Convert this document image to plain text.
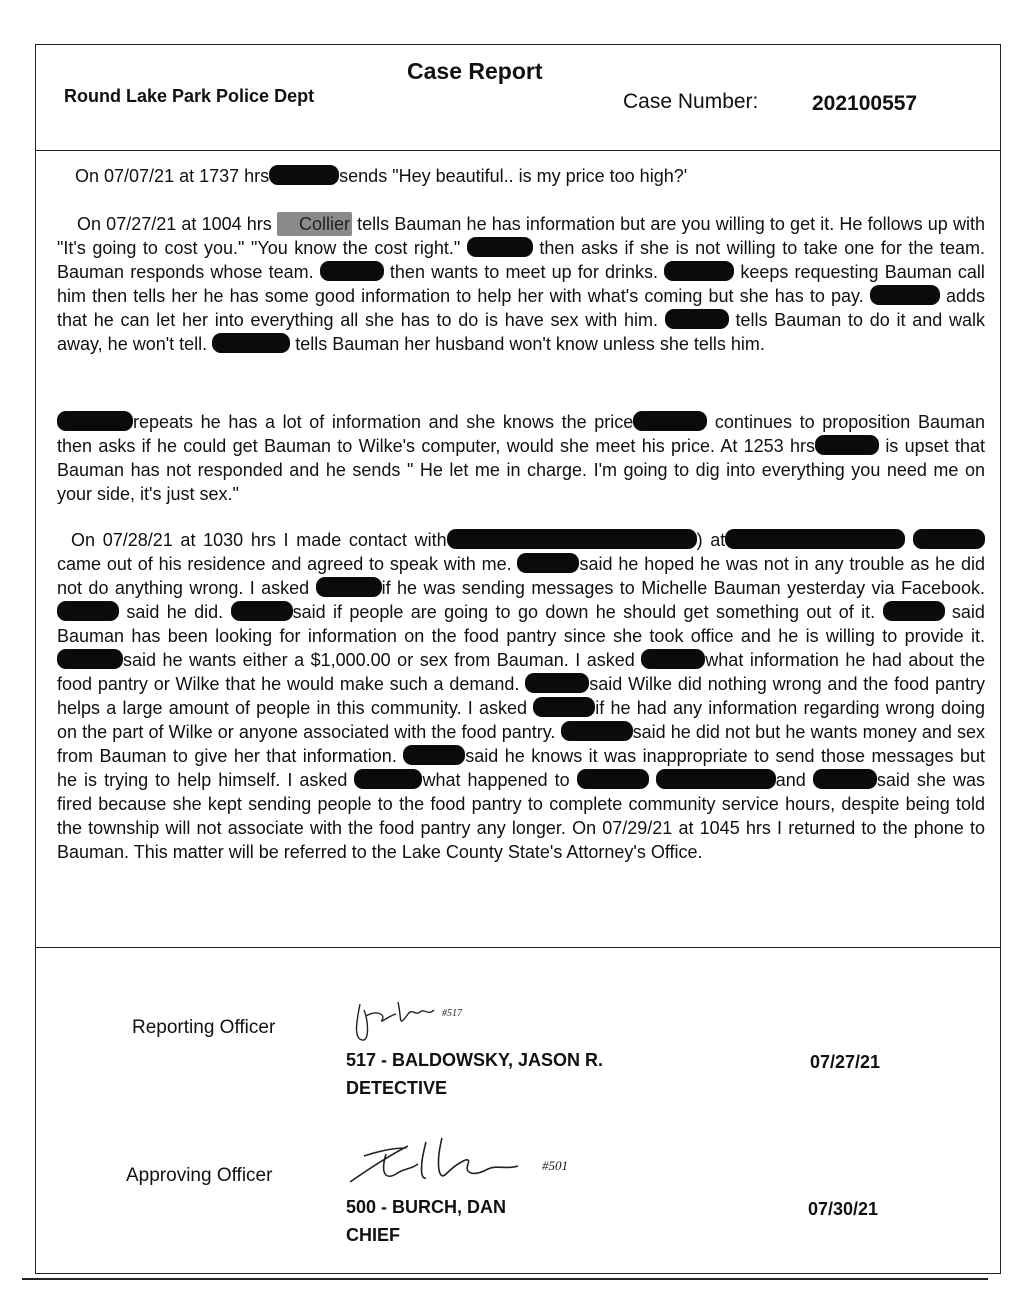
Case Report
Round Lake Park Police Dept	Case Number:	202100557

On 07/07/21 at 1737 hrs	sends "Hey beautiful.. is my price too high?'

On 07/27/21 at 1004 hrs Collier tells Bauman he has information but are you willing to get it. He follows up with "It's going to cost you." "You know the cost right."	then asks if she is not willing to take one for the team. Bauman responds whose team.	then wants to meet up for drinks.	keeps requesting Bauman call him then tells her he has some good information to help her with what's coming but she has to pay.	adds that he can let her into everything all she has to do is have sex with him.	tells Bauman to do it and walk away, he won't tell.	tells Bauman her husband won't know unless she tells him.

repeats he has a lot of information and she knows the price	continues to proposition Bauman then asks if he could get Bauman to Wilke's computer, would she meet his price. At 1253 hrs	is upset that Bauman has not responded and he sends " He let me in charge. I'm going to dig into everything you need me on your side, it's just sex."

On 07/28/21 at 1030 hrs I made contact with	) at came out of his residence and agreed to speak with me.	said he hoped he was not in any trouble as he did not do anything wrong. I asked	if he was sending messages to Michelle Bauman yesterday via Facebook.  said he did.	said if people are going to go down he should get something out of it.	said Bauman has been looking for information on the food pantry since she took office and he is willing to provide it. said he wants either a $1,000.00 or sex from Bauman. I asked	what information he had about the food pantry or Wilke that he would make such a demand.	said Wilke did nothing wrong and the food pantry helps a large amount of people in this community. I asked	if he had any information regarding wrong doing on the part of Wilke or anyone associated with the food pantry.	said he did not but he wants money and sex from Bauman to give her that information.	said he knows it was inappropriate to send those messages but he is trying to help himself. I asked	what happened to	and	said she was fired because she kept sending people to the food pantry to complete community service hours, despite being told the township will not associate with the food pantry any longer. On 07/29/21 at 1045 hrs I returned to the phone to Bauman. This matter will be referred to the Lake County State's Attorney's Office.

Reporting Officer
#517
517 - BALDOWSKY, JASON R.
DETECTIVE
07/27/21
Approving Officer	#501
500 - BURCH, DAN
CHIEF
07/30/21
